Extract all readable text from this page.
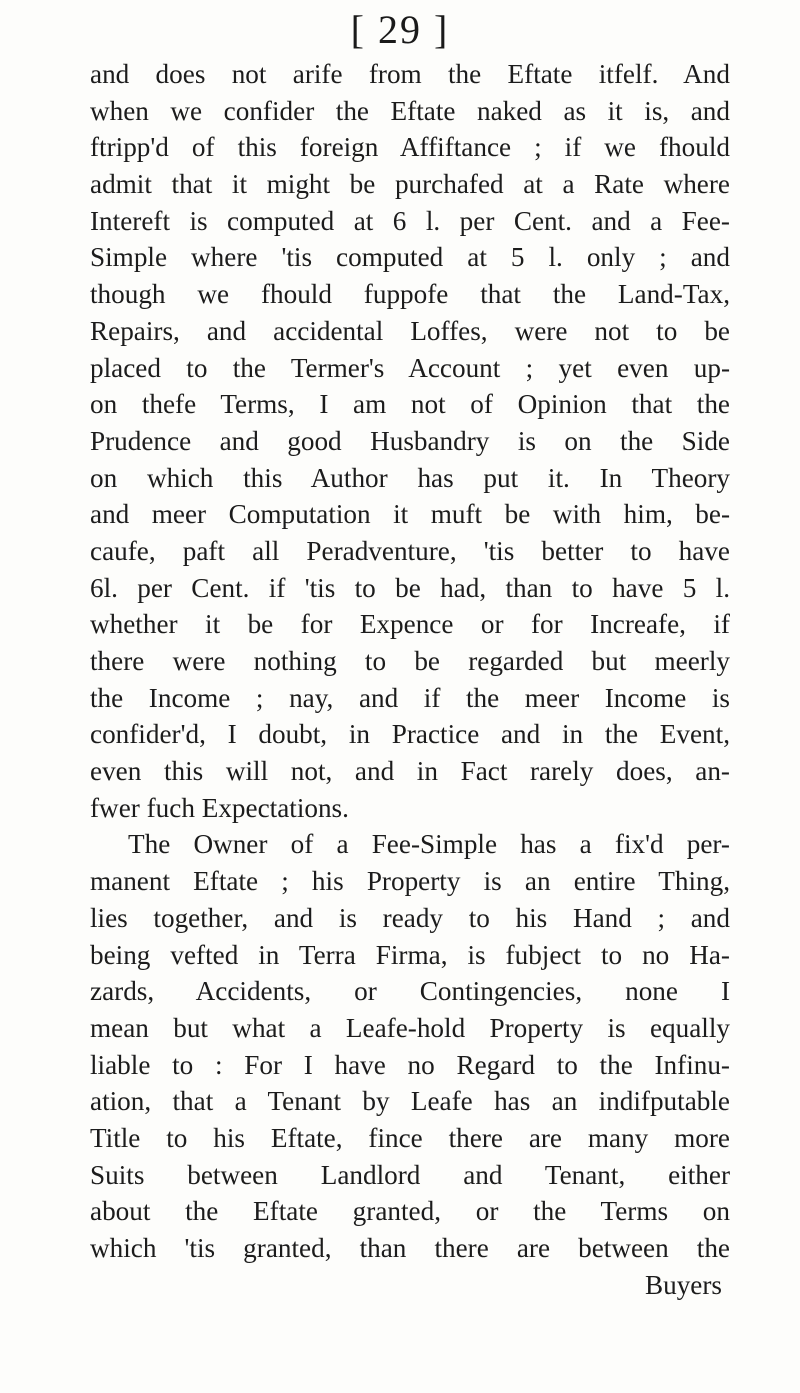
[ 29 ]
and does not arife from the Eftate itfelf. And
when we confider the Eftate naked as it is, and
ftripp'd of this foreign Affiftance ; if we fhould
admit that it might be purchafed at a Rate where
Intereft is computed at 6 l. per Cent. and a Fee-
Simple where 'tis computed at 5 l. only ; and
though we fhould fuppofe that the Land-Tax,
Repairs, and accidental Loffes, were not to be
placed to the Termer's Account ; yet even up-
on thefe Terms, I am not of Opinion that the
Prudence and good Husbandry is on the Side
on which this Author has put it. In Theory
and meer Computation it muft be with him, be-
caufe, paft all Peradventure, 'tis better to have
6l. per Cent. if 'tis to be had, than to have 5 l.
whether it be for Expence or for Increafe, if
there were nothing to be regarded but meerly
the Income ; nay, and if the meer Income is
confider'd, I doubt, in Practice and in the Event,
even this will not, and in Fact rarely does, an-
fwer fuch Expectations.
The Owner of a Fee-Simple has a fix'd per-
manent Eftate ; his Property is an entire Thing,
lies together, and is ready to his Hand ; and
being vefted in Terra Firma, is fubject to no Ha-
zards, Accidents, or Contingencies, none I
mean but what a Leafe-hold Property is equally
liable to : For I have no Regard to the Infinu-
ation, that a Tenant by Leafe has an indifputable
Title to his Eftate, fince there are many more
Suits between Landlord and Tenant, either
about the Eftate granted, or the Terms on
which 'tis granted, than there are between the
Buyers
